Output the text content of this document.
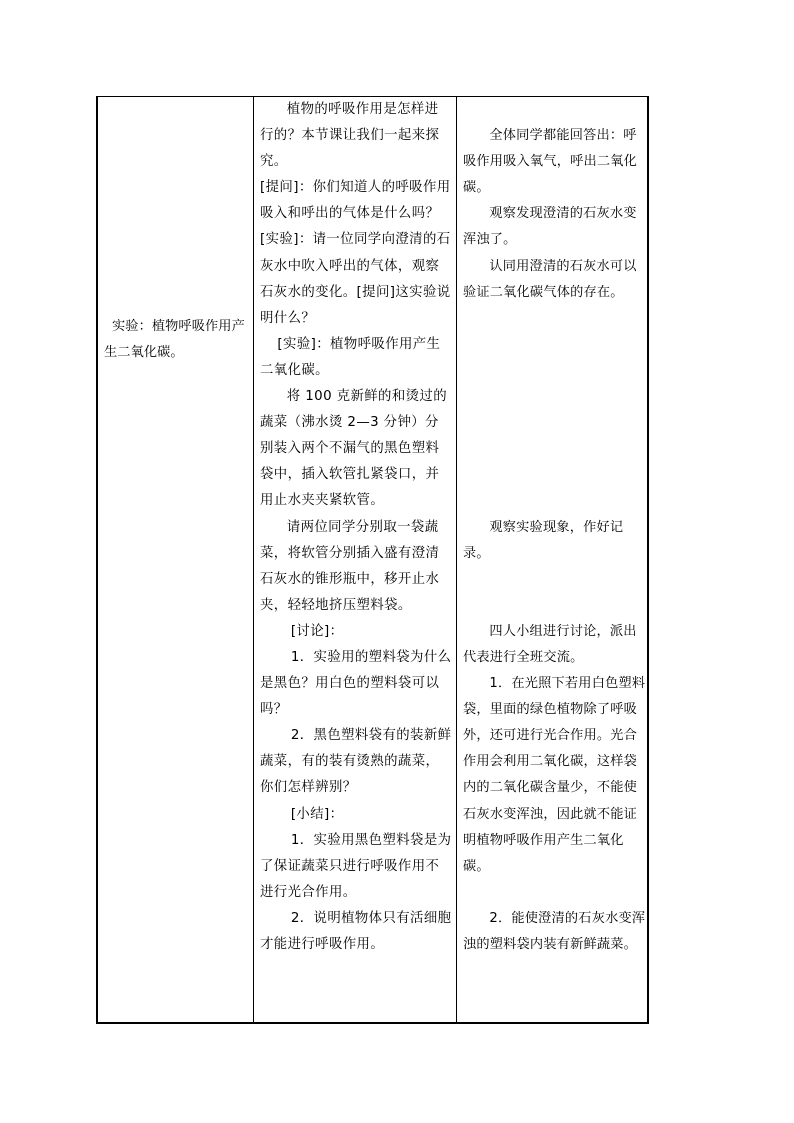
实验：植物呼吸作用产生二氧化碳。

植物的呼吸作用是怎样进行的？本节课让我们一起来探究。

[提问]：你们知道人的呼吸作用吸入和呼出的气体是什么吗？[实验]：请一位同学向澄清的石灰水中吹入呼出的气体，观察石灰水的变化。[提问]这实验说明什么？

[实验]：植物呼吸作用产生二氧化碳。

将 100 克新鲜的和烫过的蔬菜（沸水烫 2—3 分钟）分别装入两个不漏气的黑色塑料袋中，插入软管扎紧袋口，并用止水夹夹紧软管。

请两位同学分别取一袋蔬菜，将软管分别插入盛有澄清石灰水的锥形瓶中，移开止水夹，轻轻地挤压塑料袋。

[讨论]：

1．实验用的塑料袋为什么是黑色？用白色的塑料袋可以吗？

2．黑色塑料袋有的装新鲜蔬菜，有的装有烫熟的蔬菜，你们怎样辨别？

[小结]：

1．实验用黑色塑料袋是为了保证蔬菜只进行呼吸作用不进行光合作用。

2．说明植物体只有活细胞才能进行呼吸作用。

全体同学都能回答出：呼吸作用吸入氧气，呼出二氧化碳。

观察发现澄清的石灰水变浑浊了。

认同用澄清的石灰水可以验证二氧化碳气体的存在。

观察实验现象，作好记录。

四人小组进行讨论，派出代表进行全班交流。

1．在光照下若用白色塑料袋，里面的绿色植物除了呼吸外，还可进行光合作用。光合作用会利用二氧化碳，这样袋内的二氧化碳含量少，不能使石灰水变浑浊，因此就不能证明植物呼吸作用产生二氧化碳。

2．能使澄清的石灰水变浑浊的塑料袋内装有新鲜蔬菜。
